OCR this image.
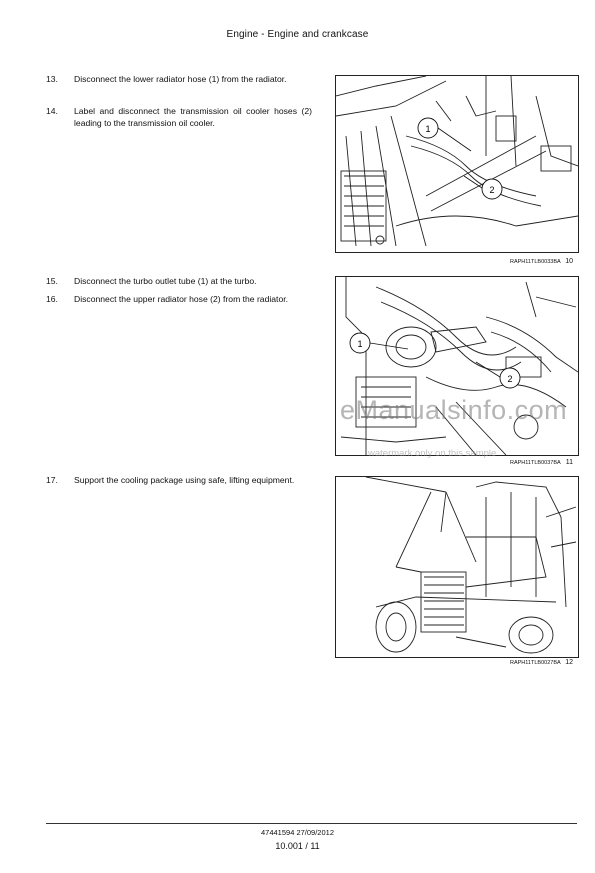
Engine - Engine and crankcase
13.	Disconnect the lower radiator hose (1) from the radiator.
14.	Label and disconnect the transmission oil cooler hoses (2) leading to the transmission oil cooler.
15.	Disconnect the turbo outlet tube (1) at the turbo.
16.	Disconnect the upper radiator hose (2) from the radiator.
17.	Support the cooling package using safe, lifting equipment.
1
2
RAPH11TLB0033BA 10
1
2
RAPH11TLB0037BA 11
RAPH11TLB0027BA 12
eManualsinfo.com
watermark only on this sample
47441594 27/09/2012
10.001 / 11
